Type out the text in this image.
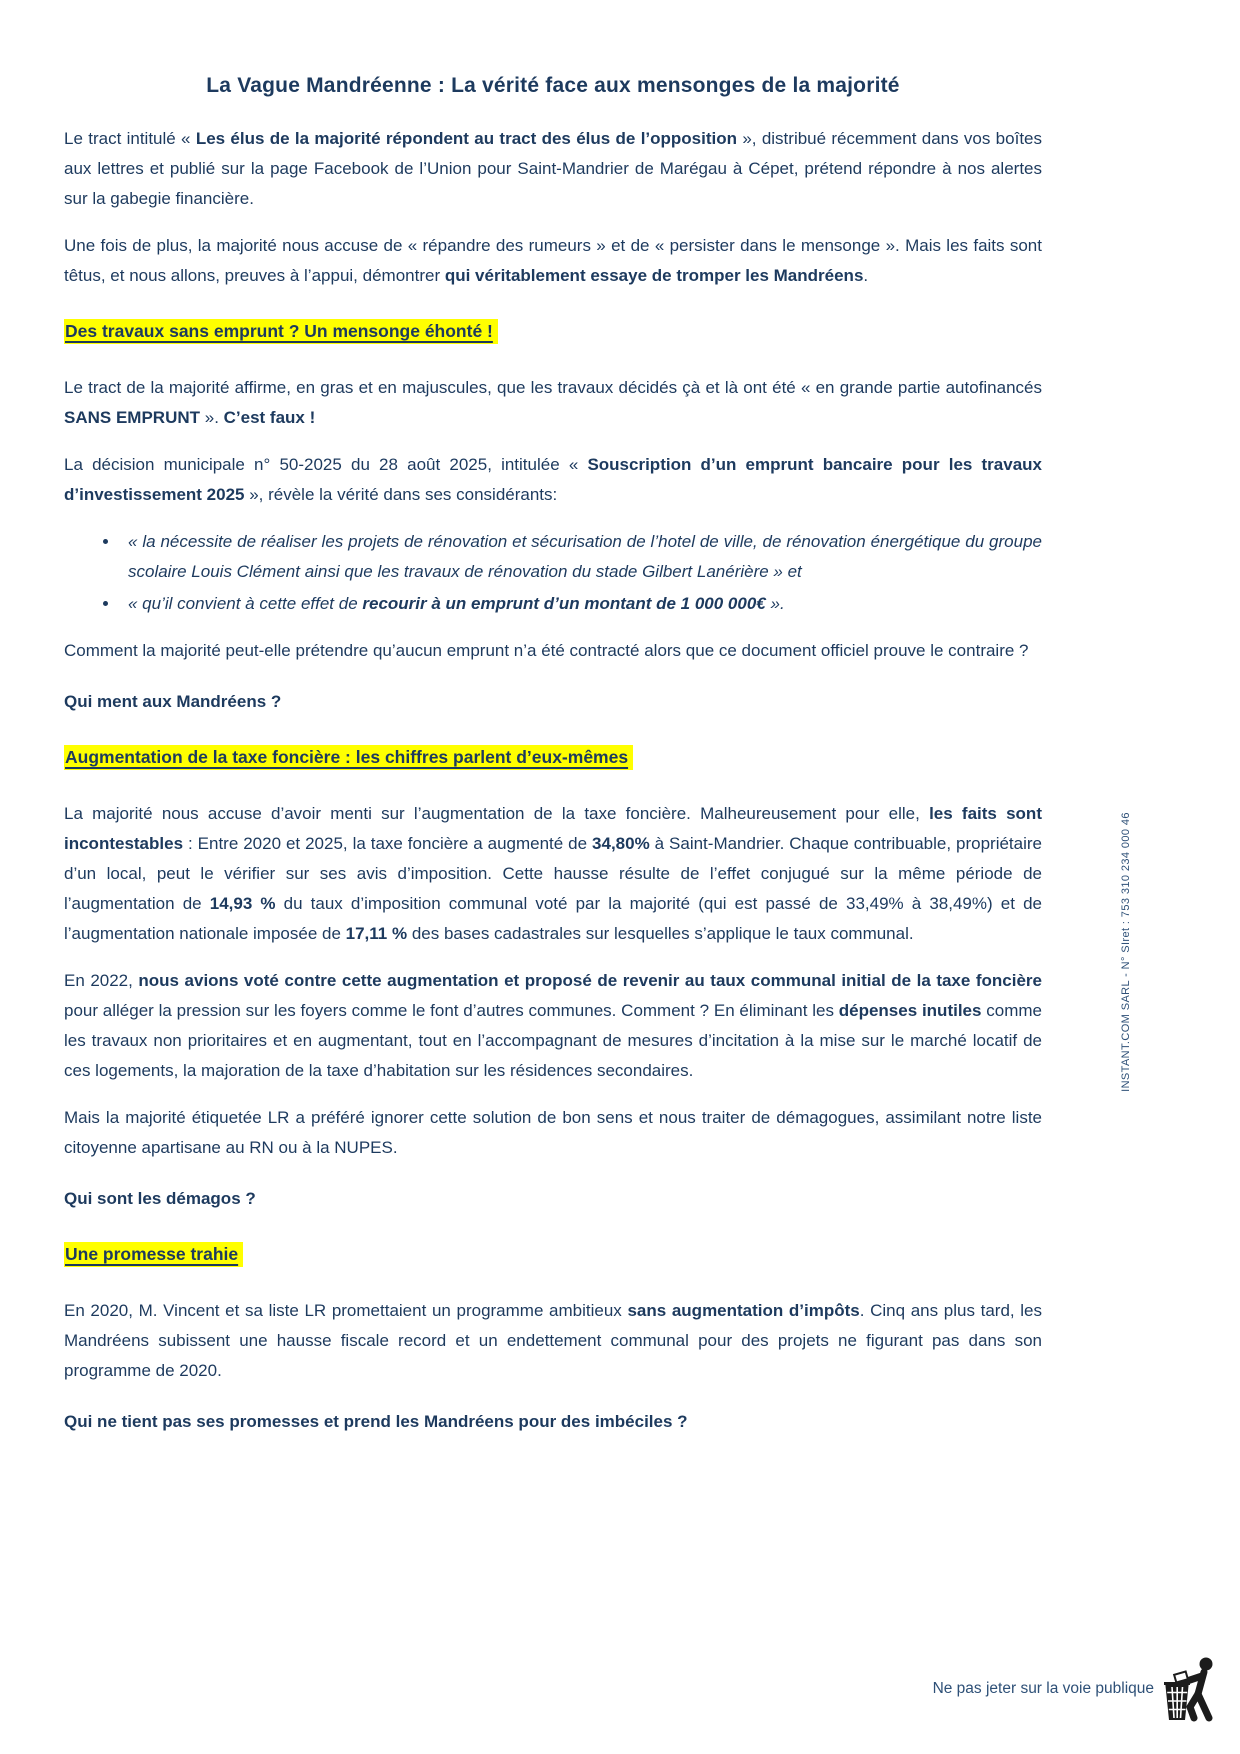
La Vague Mandréenne : La vérité face aux mensonges de la majorité

Le tract intitulé « Les élus de la majorité répondent au tract des élus de l’opposition », distribué récemment dans vos boîtes aux lettres et publié sur la page Facebook de l’Union pour Saint-Mandrier de Marégau à Cépet, prétend répondre à nos alertes sur la gabegie financière.

Une fois de plus, la majorité nous accuse de « répandre des rumeurs » et de « persister dans le mensonge ». Mais les faits sont têtus, et nous allons, preuves à l’appui, démontrer qui véritablement essaye de tromper les Mandréens.

Des travaux sans emprunt ? Un mensonge éhonté !

Le tract de la majorité affirme, en gras et en majuscules, que les travaux décidés çà et là ont été « en grande partie autofinancés SANS EMPRUNT ». C’est faux !

La décision municipale n° 50-2025 du 28 août 2025, intitulée « Souscription d’un emprunt bancaire pour les travaux d’investissement 2025 », révèle la vérité dans ses considérants:

• « la nécessite de réaliser les projets de rénovation et sécurisation de l’hotel de ville, de rénovation énergétique du groupe scolaire Louis Clément ainsi que les travaux de rénovation du stade Gilbert Lanérière » et
• « qu’il convient à cette effet de recourir à un emprunt d’un montant de 1 000 000€ ».

Comment la majorité peut-elle prétendre qu’aucun emprunt n’a été contracté alors que ce document officiel prouve le contraire ?

Qui ment aux Mandréens ?

Augmentation de la taxe foncière : les chiffres parlent d’eux-mêmes

La majorité nous accuse d’avoir menti sur l’augmentation de la taxe foncière. Malheureusement pour elle, les faits sont incontestables : Entre 2020 et 2025, la taxe foncière a augmenté de 34,80% à Saint-Mandrier. Chaque contribuable, propriétaire d’un local, peut le vérifier sur ses avis d’imposition. Cette hausse résulte de l’effet conjugué sur la même période de l’augmentation de 14,93 % du taux d’imposition communal voté par la majorité (qui est passé de 33,49% à 38,49%) et de l’augmentation nationale imposée de 17,11 % des bases cadastrales sur lesquelles s’applique le taux communal.

En 2022, nous avions voté contre cette augmentation et proposé de revenir au taux communal initial de la taxe foncière pour alléger la pression sur les foyers comme le font d’autres communes. Comment ? En éliminant les dépenses inutiles comme les travaux non prioritaires et en augmentant, tout en l’accompagnant de mesures d’incitation à la mise sur le marché locatif de ces logements, la majoration de la taxe d’habitation sur les résidences secondaires.

Mais la majorité étiquetée LR a préféré ignorer cette solution de bon sens et nous traiter de démagogues, assimilant notre liste citoyenne apartisane au RN ou à la NUPES.

Qui sont les démagos ?

Une promesse trahie

En 2020, M. Vincent et sa liste LR promettaient un programme ambitieux sans augmentation d’impôts. Cinq ans plus tard, les Mandréens subissent une hausse fiscale record et un endettement communal pour des projets ne figurant pas dans son programme de 2020.

Qui ne tient pas ses promesses et prend les Mandréens pour des imbéciles ?

INSTANT.COM SARL - N° SIret : 753 310 234 000 46
Ne pas jeter sur la voie publique
